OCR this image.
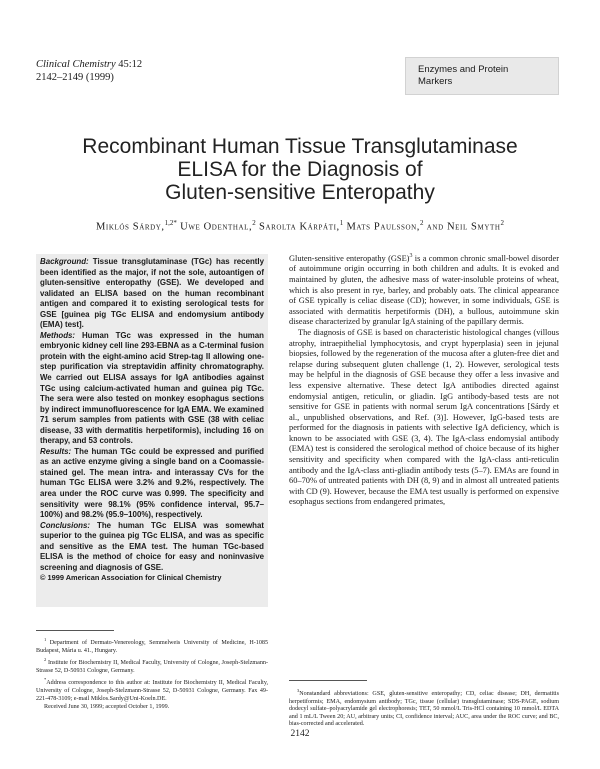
Clinical Chemistry 45:12
2142–2149 (1999)
Enzymes and Protein
Markers
Recombinant Human Tissue Transglutaminase
ELISA for the Diagnosis of
Gluten-sensitive Enteropathy

Miklós Sárdy,$^{1,2*}$ Uwe Odenthal,$^2$ Sarolta Kárpáti,$^1$ Mats Paulsson,$^2$ and Neil Smyth$^2$

Background: Tissue transglutaminase (TGc) has recently been identified as the major, if not the sole, autoantigen of gluten-sensitive enteropathy (GSE). We developed and validated an ELISA based on the human recombinant antigen and compared it to existing serological tests for GSE [guinea pig TGc ELISA and endomysium antibody (EMA) test].

Methods: Human TGc was expressed in the human embryonic kidney cell line 293-EBNA as a C-terminal fusion protein with the eight-amino acid Strep-tag II allowing one-step purification via streptavidin affinity chromatography. We carried out ELISA assays for IgA antibodies against TGc using calcium-activated human and guinea pig TGc. The sera were also tested on monkey esophagus sections by indirect immunofluorescence for IgA EMA. We examined 71 serum samples from patients with GSE (38 with celiac disease, 33 with dermatitis herpetiformis), including 16 on therapy, and 53 controls.

Results: The human TGc could be expressed and purified as an active enzyme giving a single band on a Coomassie-stained gel. The mean intra- and interassay CVs for the human TGc ELISA were 3.2% and 9.2%, respectively. The area under the ROC curve was 0.999. The specificity and sensitivity were 98.1% (95% confidence interval, 95.7–100%) and 98.2% (95.9–100%), respectively.

Conclusions: The human TGc ELISA was somewhat superior to the guinea pig TGc ELISA, and was as specific and sensitive as the EMA test. The human TGc-based ELISA is the method of choice for easy and noninvasive screening and diagnosis of GSE.

© 1999 American Association for Clinical Chemistry

$^1$ Department of Dermato-Venereology, Semmelweis University of Medicine, H-1085 Budapest, Mária u. 41., Hungary.

$^2$ Institute for Biochemistry II, Medical Faculty, University of Cologne, Joseph-Stelzmann-Strasse 52, D-50931 Cologne, Germany.

*Address correspondence to this author at: Institute for Biochemistry II, Medical Faculty, University of Cologne, Joseph-Stelzmann-Strasse 52, D-50931 Cologne, Germany. Fax 49-221-478-3109; e-mail Miklos.Sardy@Uni-Koeln.DE.

Received June 30, 1999; accepted October 1, 1999.

Gluten-sensitive enteropathy (GSE)$^3$ is a common chronic small-bowel disorder of autoimmune origin occurring in both children and adults. It is evoked and maintained by gluten, the adhesive mass of water-insoluble proteins of wheat, which is also present in rye, barley, and probably oats. The clinical appearance of GSE typically is celiac disease (CD); however, in some individuals, GSE is associated with dermatitis herpetiformis (DH), a bullous, autoimmune skin disease characterized by granular IgA staining of the papillary dermis.

The diagnosis of GSE is based on characteristic histological changes (villous atrophy, intraepithelial lymphocytosis, and crypt hyperplasia) seen in jejunal biopsies, followed by the regeneration of the mucosa after a gluten-free diet and relapse during subsequent gluten challenge (1, 2). However, serological tests may be helpful in the diagnosis of GSE because they offer a less invasive and less expensive alternative. These detect IgA antibodies directed against endomysial antigen, reticulin, or gliadin. IgG antibody-based tests are not sensitive for GSE in patients with normal serum IgA concentrations [Sárdy et al., unpublished observations, and Ref. (3)]. However, IgG-based tests are performed for the diagnosis in patients with selective IgA deficiency, which is known to be associated with GSE (3, 4). The IgA-class endomysial antibody (EMA) test is considered the serological method of choice because of its higher sensitivity and specificity when compared with the IgA-class anti-reticulin antibody and the IgA-class anti-gliadin antibody tests (5–7). EMAs are found in 60–70% of untreated patients with DH (8, 9) and in almost all untreated patients with CD (9). However, because the EMA test usually is performed on expensive esophagus sections from endangered primates,

$^3$Nonstandard abbreviations: GSE, gluten-sensitive enteropathy; CD, celiac disease; DH, dermatitis herpetiformis; EMA, endomysium antibody; TGc, tissue (cellular) transglutaminase; SDS-PAGE, sodium dodecyl sulfate–polyacrylamide gel electrophoresis; TET, 50 mmol/L Tris-HCl containing 10 mmol/L EDTA and 1 mL/L Tween 20; AU, arbitrary units; CI, confidence interval; AUC, area under the ROC curve; and BC, bias-corrected and accelerated.

2142
